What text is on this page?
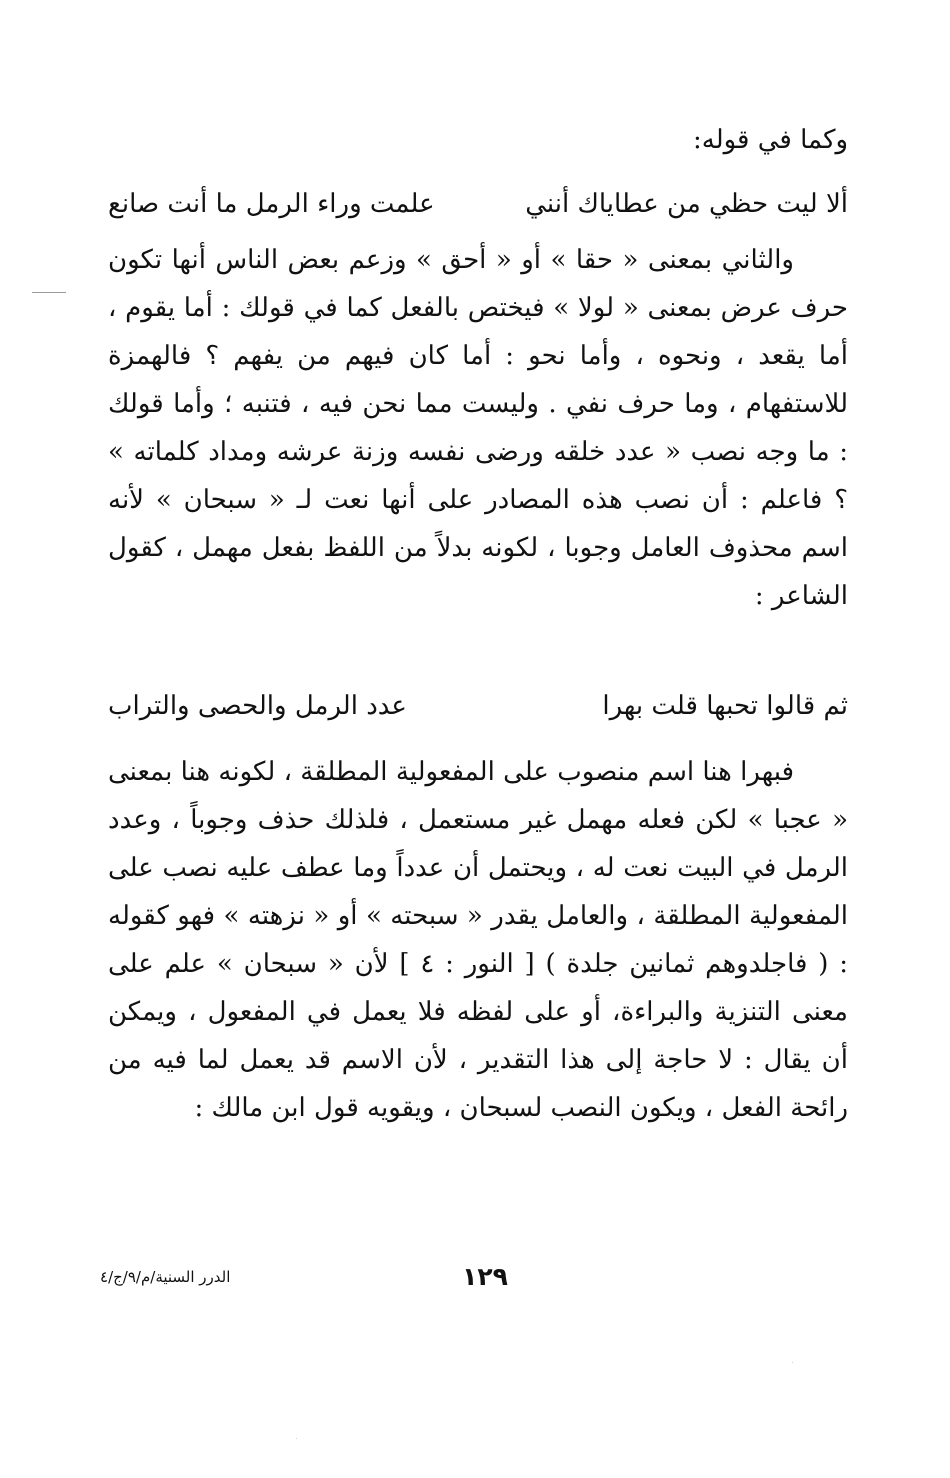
وكما في قوله:
ألا ليت حظي من عطاياك أنني
علمت وراء الرمل ما أنت صانع
والثاني بمعنى « حقا » أو « أحق » وزعم بعض الناس أنها تكون حرف عرض بمعنى « لولا » فيختص بالفعل كما في قولك : أما يقوم ، أما يقعد ، ونحوه ، وأما نحو : أما كان فيهم من يفهم ؟ فالهمزة للاستفهام ، وما حرف نفي . وليست مما نحن فيه ، فتنبه ؛ وأما قولك : ما وجه نصب « عدد خلقه ورضى نفسه وزنة عرشه ومداد كلماته » ؟ فاعلم : أن نصب هذه المصادر على أنها نعت لـ « سبحان » لأنه اسم محذوف العامل وجوبا ، لكونه بدلاً من اللفظ بفعل مهمل ، كقول الشاعر :
ثم قالوا تحبها قلت بهرا
عدد الرمل والحصى والتراب
فبهرا هنا اسم منصوب على المفعولية المطلقة ، لكونه هنا بمعنى « عجبا » لكن فعله مهمل غير مستعمل ، فلذلك حذف وجوباً ، وعدد الرمل في البيت نعت له ، ويحتمل أن عدداً وما عطف عليه نصب على المفعولية المطلقة ، والعامل يقدر « سبحته » أو « نزهته » فهو كقوله : ( فاجلدوهم ثمانين جلدة ) [ النور : ٤ ] لأن « سبحان » علم على معنى التنزية والبراءة، أو على لفظه فلا يعمل في المفعول ، ويمكن أن يقال : لا حاجة إلى هذا التقدير ، لأن الاسم قد يعمل لما فيه من رائحة الفعل ، ويكون النصب لسبحان ، ويقويه قول ابن مالك :
١٢٩
الدرر السنية/م/٩/ج/٤
